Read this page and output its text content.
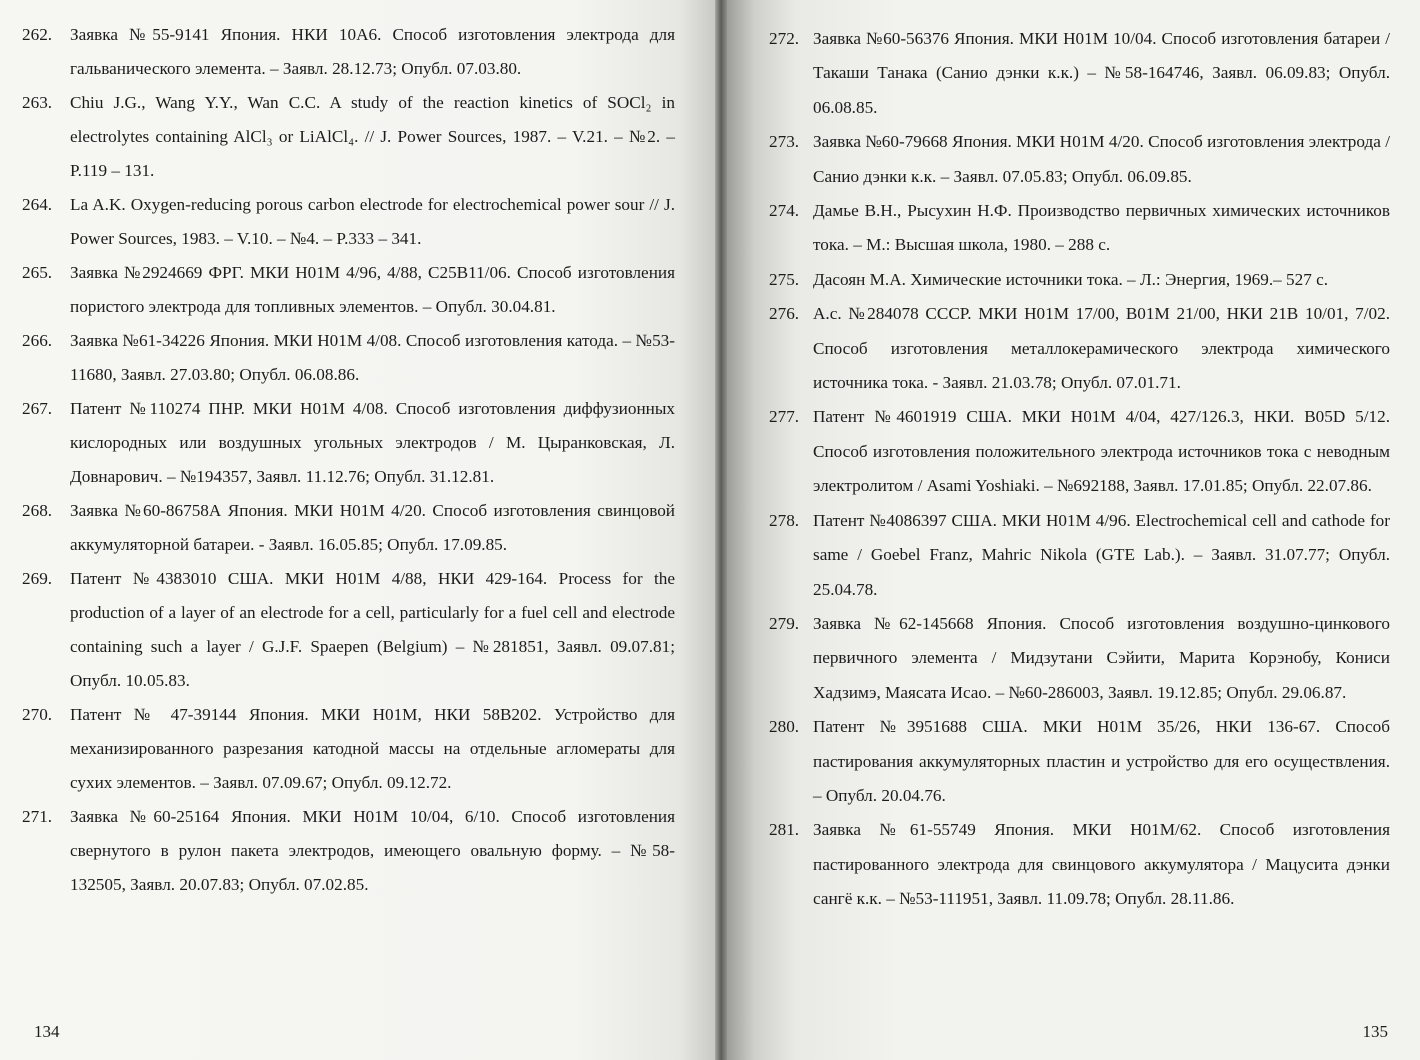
262.	Заявка №55-9141 Япония. НКИ 10А6. Способ изготовления электрода для гальванического элемента. – Заявл. 28.12.73; Опубл. 07.03.80.
263.	Chiu J.G., Wang Y.Y., Wan C.C. A study of the reaction kinetics of SOCl₂ in electrolytes containing AlCl₃ or LiAlCl₄. // J. Power Sources, 1987. – V.21. – №2. – P.119 – 131.
264.	La A.K. Oxygen-reducing porous carbon electrode for electrochemical power sour // J. Power Sources, 1983. – V.10. – №4. – P.333 – 341.
265.	Заявка №2924669 ФРГ. МКИ Н01М 4/96, 4/88, С25В11/06. Способ изготовления пористого электрода для топливных элементов. – Опубл. 30.04.81.
266.	Заявка №61-34226 Япония. МКИ Н01М 4/08. Способ изготовления катода. – №53-11680, Заявл. 27.03.80; Опубл. 06.08.86.
267.	Патент №110274 ПНР. МКИ Н01М 4/08. Способ изготовления диффузионных кислородных или воздушных угольных электродов / М. Цыранковская, Л. Довнарович. – №194357, Заявл. 11.12.76; Опубл. 31.12.81.
268.	Заявка №60-86758А Япония. МКИ Н01М 4/20. Способ изготовления свинцовой аккумуляторной батареи. - Заявл. 16.05.85; Опубл. 17.09.85.
269.	Патент №4383010 США. МКИ Н01М 4/88, НКИ 429-164. Process for the production of a layer of an electrode for a cell, particularly for a fuel cell and electrode containing such a layer / G.J.F. Spaepen (Belgium) – №281851, Заявл. 09.07.81; Опубл. 10.05.83.
270.	Патент № 47-39144 Япония. МКИ Н01М, НКИ 58В202. Устройство для механизированного разрезания катодной массы на отдельные агломераты для сухих элементов. – Заявл. 07.09.67; Опубл. 09.12.72.
271.	Заявка №60-25164 Япония. МКИ Н01М 10/04, 6/10. Способ изготовления свернутого в рулон пакета электродов, имеющего овальную форму. – №58-132505, Заявл. 20.07.83; Опубл. 07.02.85.
134
272. Заявка №60-56376 Япония. МКИ Н01М 10/04. Способ изготовления батареи / Такаши Танака (Санио дэнки к.к.) – №58-164746, Заявл. 06.09.83; Опубл. 06.08.85.
273. Заявка №60-79668 Япония. МКИ Н01М 4/20. Способ изготовления электрода / Санио дэнки к.к. – Заявл. 07.05.83; Опубл. 06.09.85.
274. Дамье В.Н., Рысухин Н.Ф. Производство первичных химических источников тока. – М.: Высшая школа, 1980. – 288 с.
275. Дасоян М.А. Химические источники тока. – Л.: Энергия, 1969.– 527 с.
276. А.с. №284078 СССР. МКИ Н01М 17/00, В01М 21/00, НКИ 21В 10/01, 7/02. Способ изготовления металлокерамического электрода химического источника тока. - Заявл. 21.03.78; Опубл. 07.01.71.
277. Патент №4601919 США. МКИ Н01М 4/04, 427/126.3, НКИ. В05D 5/12. Способ изготовления положительного электрода источников тока с неводным электролитом / Asami Yoshiaki. – №692188, Заявл. 17.01.85; Опубл. 22.07.86.
278. Патент №4086397 США. МКИ Н01М 4/96. Electrochemical cell and cathode for same / Goebel Franz, Mahric Nikola (GTE Lab.). – Заявл. 31.07.77; Опубл. 25.04.78.
279. Заявка №62-145668 Япония. Способ изготовления воздушно-цинкового первичного элемента / Мидзутани Сэйити, Марита Корэнобу, Кониси Хадзимэ, Маясата Исао. – №60-286003, Заявл. 19.12.85; Опубл. 29.06.87.
280. Патент №3951688 США. МКИ Н01М 35/26, НКИ 136-67. Способ пастирования аккумуляторных пластин и устройство для его осуществления. – Опубл. 20.04.76.
281. Заявка №61-55749 Япония. МКИ Н01М/62. Способ изготовления пастированного электрода для свинцового аккумулятора / Мацусита дэнки сангё к.к. – №53-111951, Заявл. 11.09.78; Опубл. 28.11.86.
135
